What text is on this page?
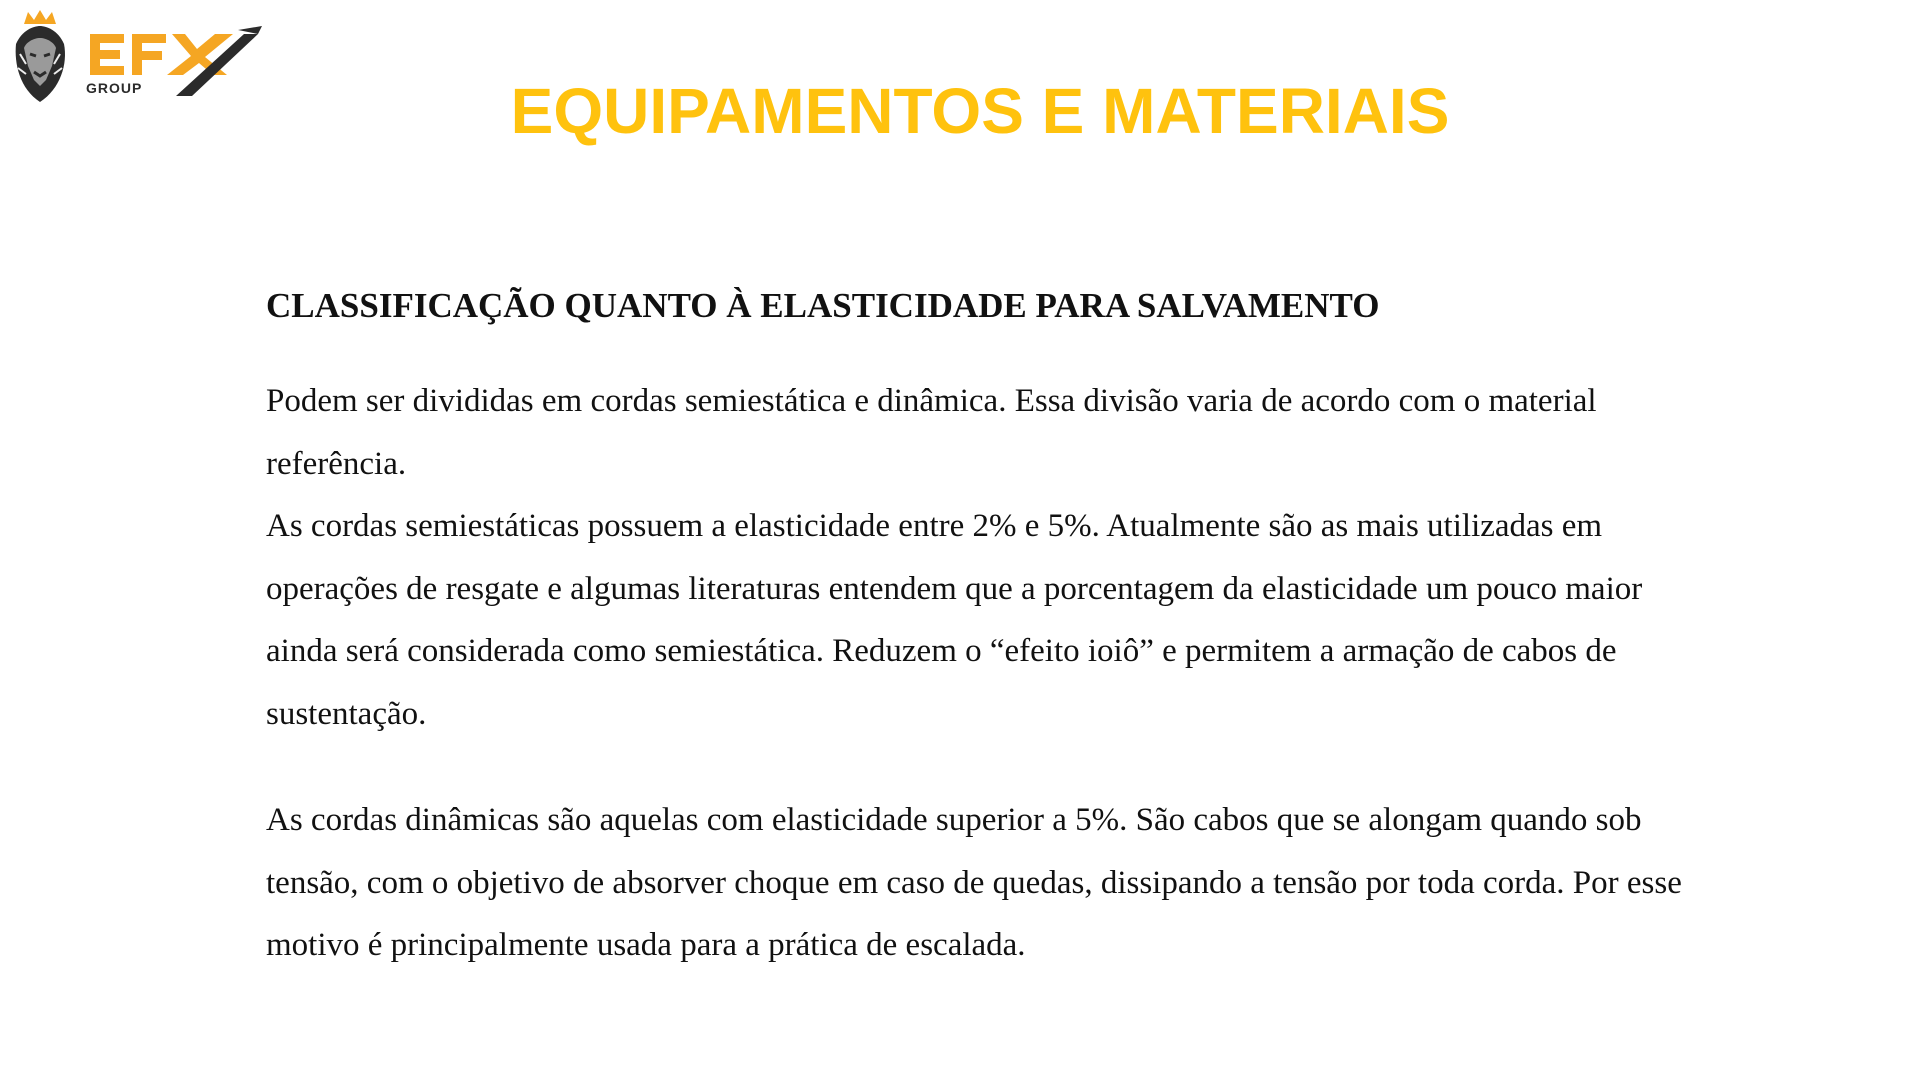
GROUP	EQUIPAMENTOS E MATERIAIS
CLASSIFICAÇÃO QUANTO À ELASTICIDADE PARA SALVAMENTO

Podem ser divididas em cordas semiestática e dinâmica. Essa divisão varia de acordo com o material referência.

As cordas semiestáticas possuem a elasticidade entre 2% e 5%. Atualmente são as mais utilizadas em operações de resgate e algumas literaturas entendem que a porcentagem da elasticidade um pouco maior ainda será considerada como semiestática. Reduzem o “efeito ioiô” e permitem a armação de cabos de sustentação.

As cordas dinâmicas são aquelas com elasticidade superior a 5%. São cabos que se alongam quando sob tensão, com o objetivo de absorver choque em caso de quedas, dissipando a tensão por toda corda. Por esse motivo é principalmente usada para a prática de escalada.
